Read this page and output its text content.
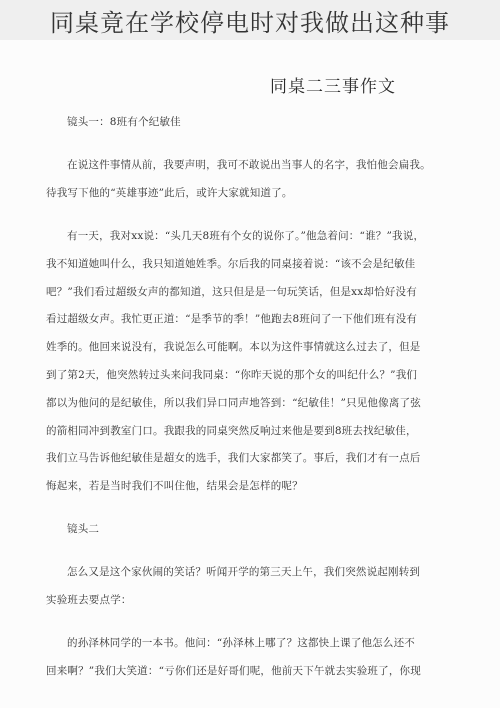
同桌竟在学校停电时对我做出这种事
同桌二三事作文
镜头一：8班有个纪敏佳
在说这件事情从前，我要声明，我可不敢说出当事人的名字，我怕他会扁我。
待我写下他的“英雄事迹”此后，或许大家就知道了。
有一天，我对xx说：“头几天8班有个女的说你了。”他急着问：“谁？”我说，
我不知道她叫什么，我只知道她姓季。尔后我的同桌接着说：“该不会是纪敏佳
吧？”我们看过超级女声的都知道，这只但是是一句玩笑话，但是xx却恰好没有
看过超级女声。我忙更正道：“是季节的季！”他跑去8班问了一下他们班有没有
姓季的。他回来说没有，我说怎么可能啊。本以为这件事情就这么过去了，但是
到了第2天，他突然转过头来问我同桌：“你昨天说的那个女的叫纪什么？”我们
都以为他问的是纪敏佳，所以我们异口同声地答到：“纪敏佳！”只见他像离了弦
的箭相同冲到教室门口。我跟我的同桌突然反响过来他是要到8班去找纪敏佳，
我们立马告诉他纪敏佳是超女的选手，我们大家都笑了。事后，我们才有一点后
悔起来，若是当时我们不叫住他，结果会是怎样的呢？
镜头二
怎么又是这个家伙闹的笑话？听闻开学的第三天上午，我们突然说起刚转到
实验班去要点学：
的孙泽林同学的一本书。他问：“孙泽林上哪了？这都快上课了他怎么还不
回来啊？”我们大笑道：“亏你们还是好哥们呢，他前天下午就去实验班了，你现
